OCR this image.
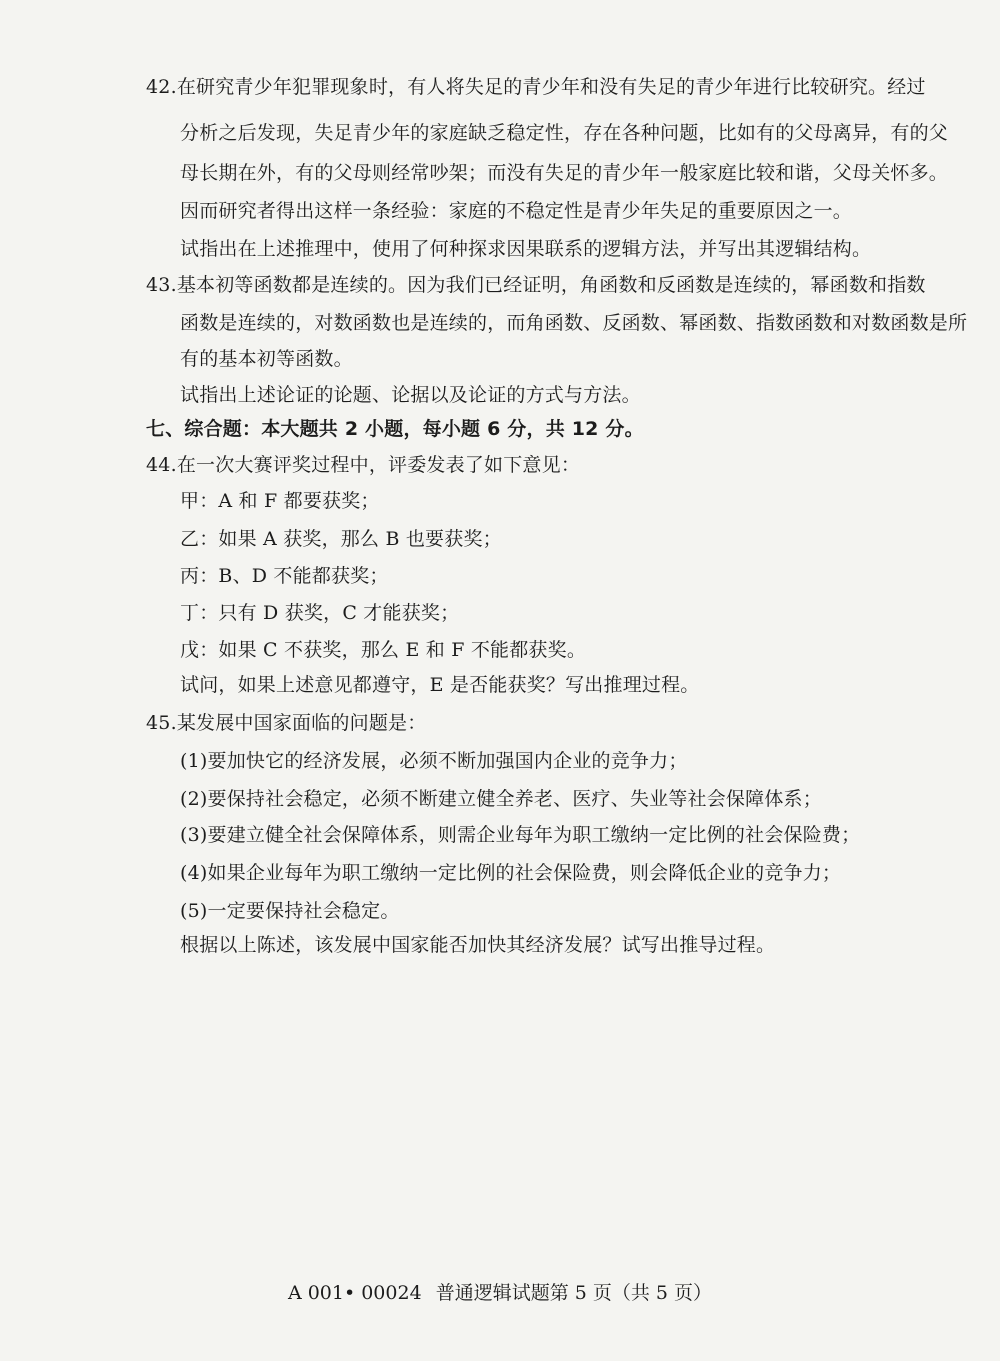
42.在研究青少年犯罪现象时，有人将失足的青少年和没有失足的青少年进行比较研究。经过
分析之后发现，失足青少年的家庭缺乏稳定性，存在各种问题，比如有的父母离异，有的父
母长期在外，有的父母则经常吵架；而没有失足的青少年一般家庭比较和谐，父母关怀多。
因而研究者得出这样一条经验：家庭的不稳定性是青少年失足的重要原因之一。
试指出在上述推理中，使用了何种探求因果联系的逻辑方法，并写出其逻辑结构。
43.基本初等函数都是连续的。因为我们已经证明，角函数和反函数是连续的，幂函数和指数
函数是连续的，对数函数也是连续的，而角函数、反函数、幂函数、指数函数和对数函数是所
有的基本初等函数。
试指出上述论证的论题、论据以及论证的方式与方法。
七、综合题：本大题共 2 小题，每小题 6 分，共 12 分。
44.在一次大赛评奖过程中，评委发表了如下意见：
甲：A 和 F 都要获奖；
乙：如果 A 获奖，那么 B 也要获奖；
丙：B、D 不能都获奖；
丁：只有 D 获奖，C 才能获奖；
戊：如果 C 不获奖，那么 E 和 F 不能都获奖。
试问，如果上述意见都遵守，E 是否能获奖？写出推理过程。
45.某发展中国家面临的问题是：
(1)要加快它的经济发展，必须不断加强国内企业的竞争力；
(2)要保持社会稳定，必须不断建立健全养老、医疗、失业等社会保障体系；
(3)要建立健全社会保障体系，则需企业每年为职工缴纳一定比例的社会保险费；
(4)如果企业每年为职工缴纳一定比例的社会保险费，则会降低企业的竞争力；
(5)一定要保持社会稳定。
根据以上陈述，该发展中国家能否加快其经济发展？试写出推导过程。
A 001• 00024 普通逻辑试题第 5 页（共 5 页）
